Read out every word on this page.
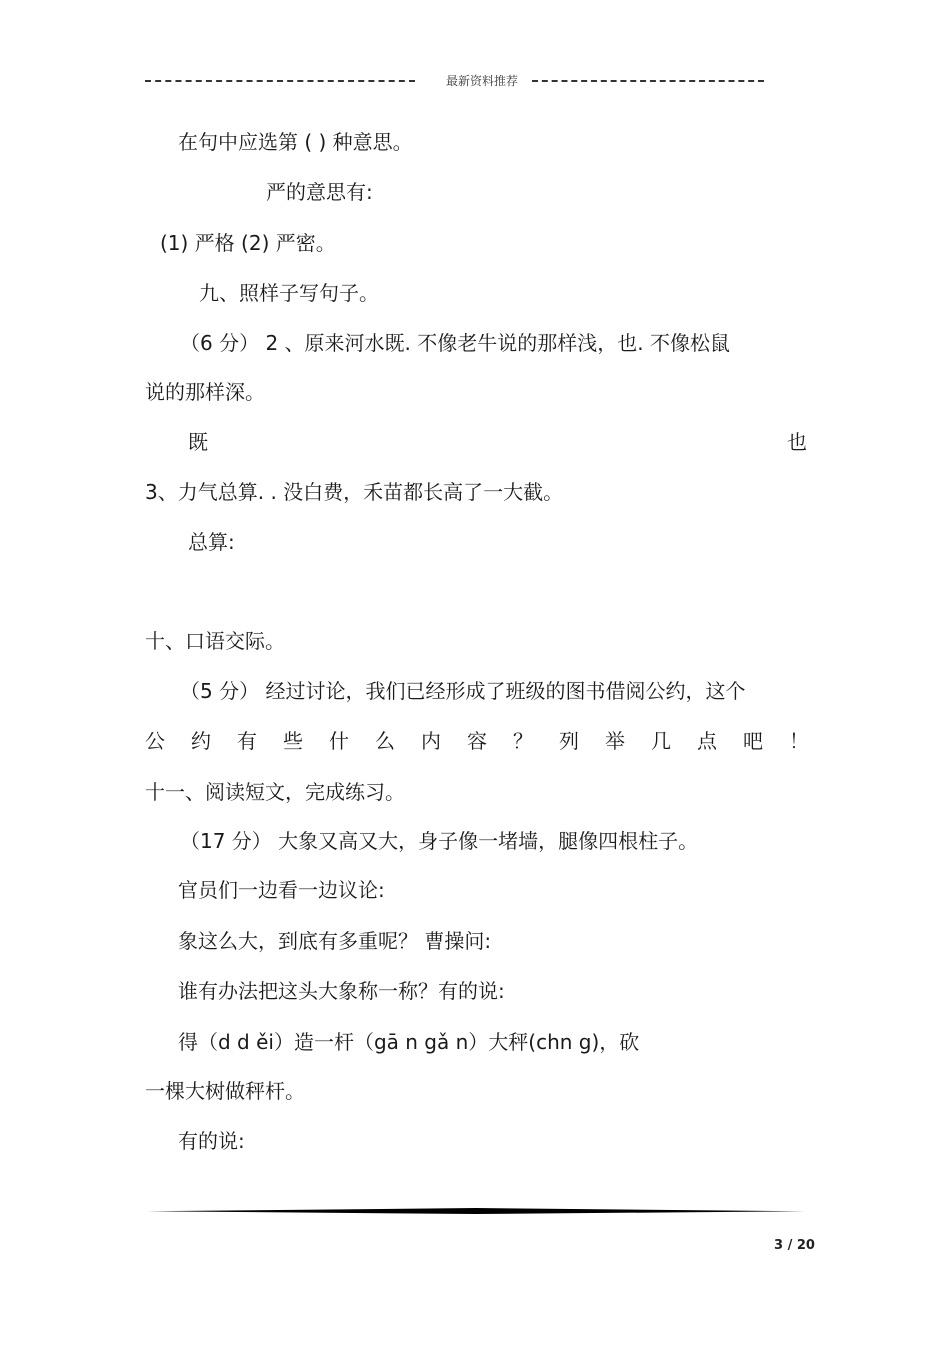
最新资料推荐
在句中应选第 ( ) 种意思。
严的意思有:
(1) 严格 (2) 严密。
九、照样子写句子。
（6 分） 2 、原来河水既. 不像老牛说的那样浅，也. 不像松鼠
说的那样深。
既	也
3、力气总算. . 没白费，禾苗都长高了一大截。
总算:
十、口语交际。
（5 分） 经过讨论，我们已经形成了班级的图书借阅公约，这个
公约有些什么内容？列举几点吧！
十一、阅读短文，完成练习。
（17 分） 大象又高又大，身子像一堵墙，腿像四根柱子。
官员们一边看一边议论:
象这么大，到底有多重呢？ 曹操问:
谁有办法把这头大象称一称？有的说:
得（d d ěi）造一杆（gā n gǎ n）大秤(chn g)，砍
一棵大树做秤杆。
有的说:
3 / 20
